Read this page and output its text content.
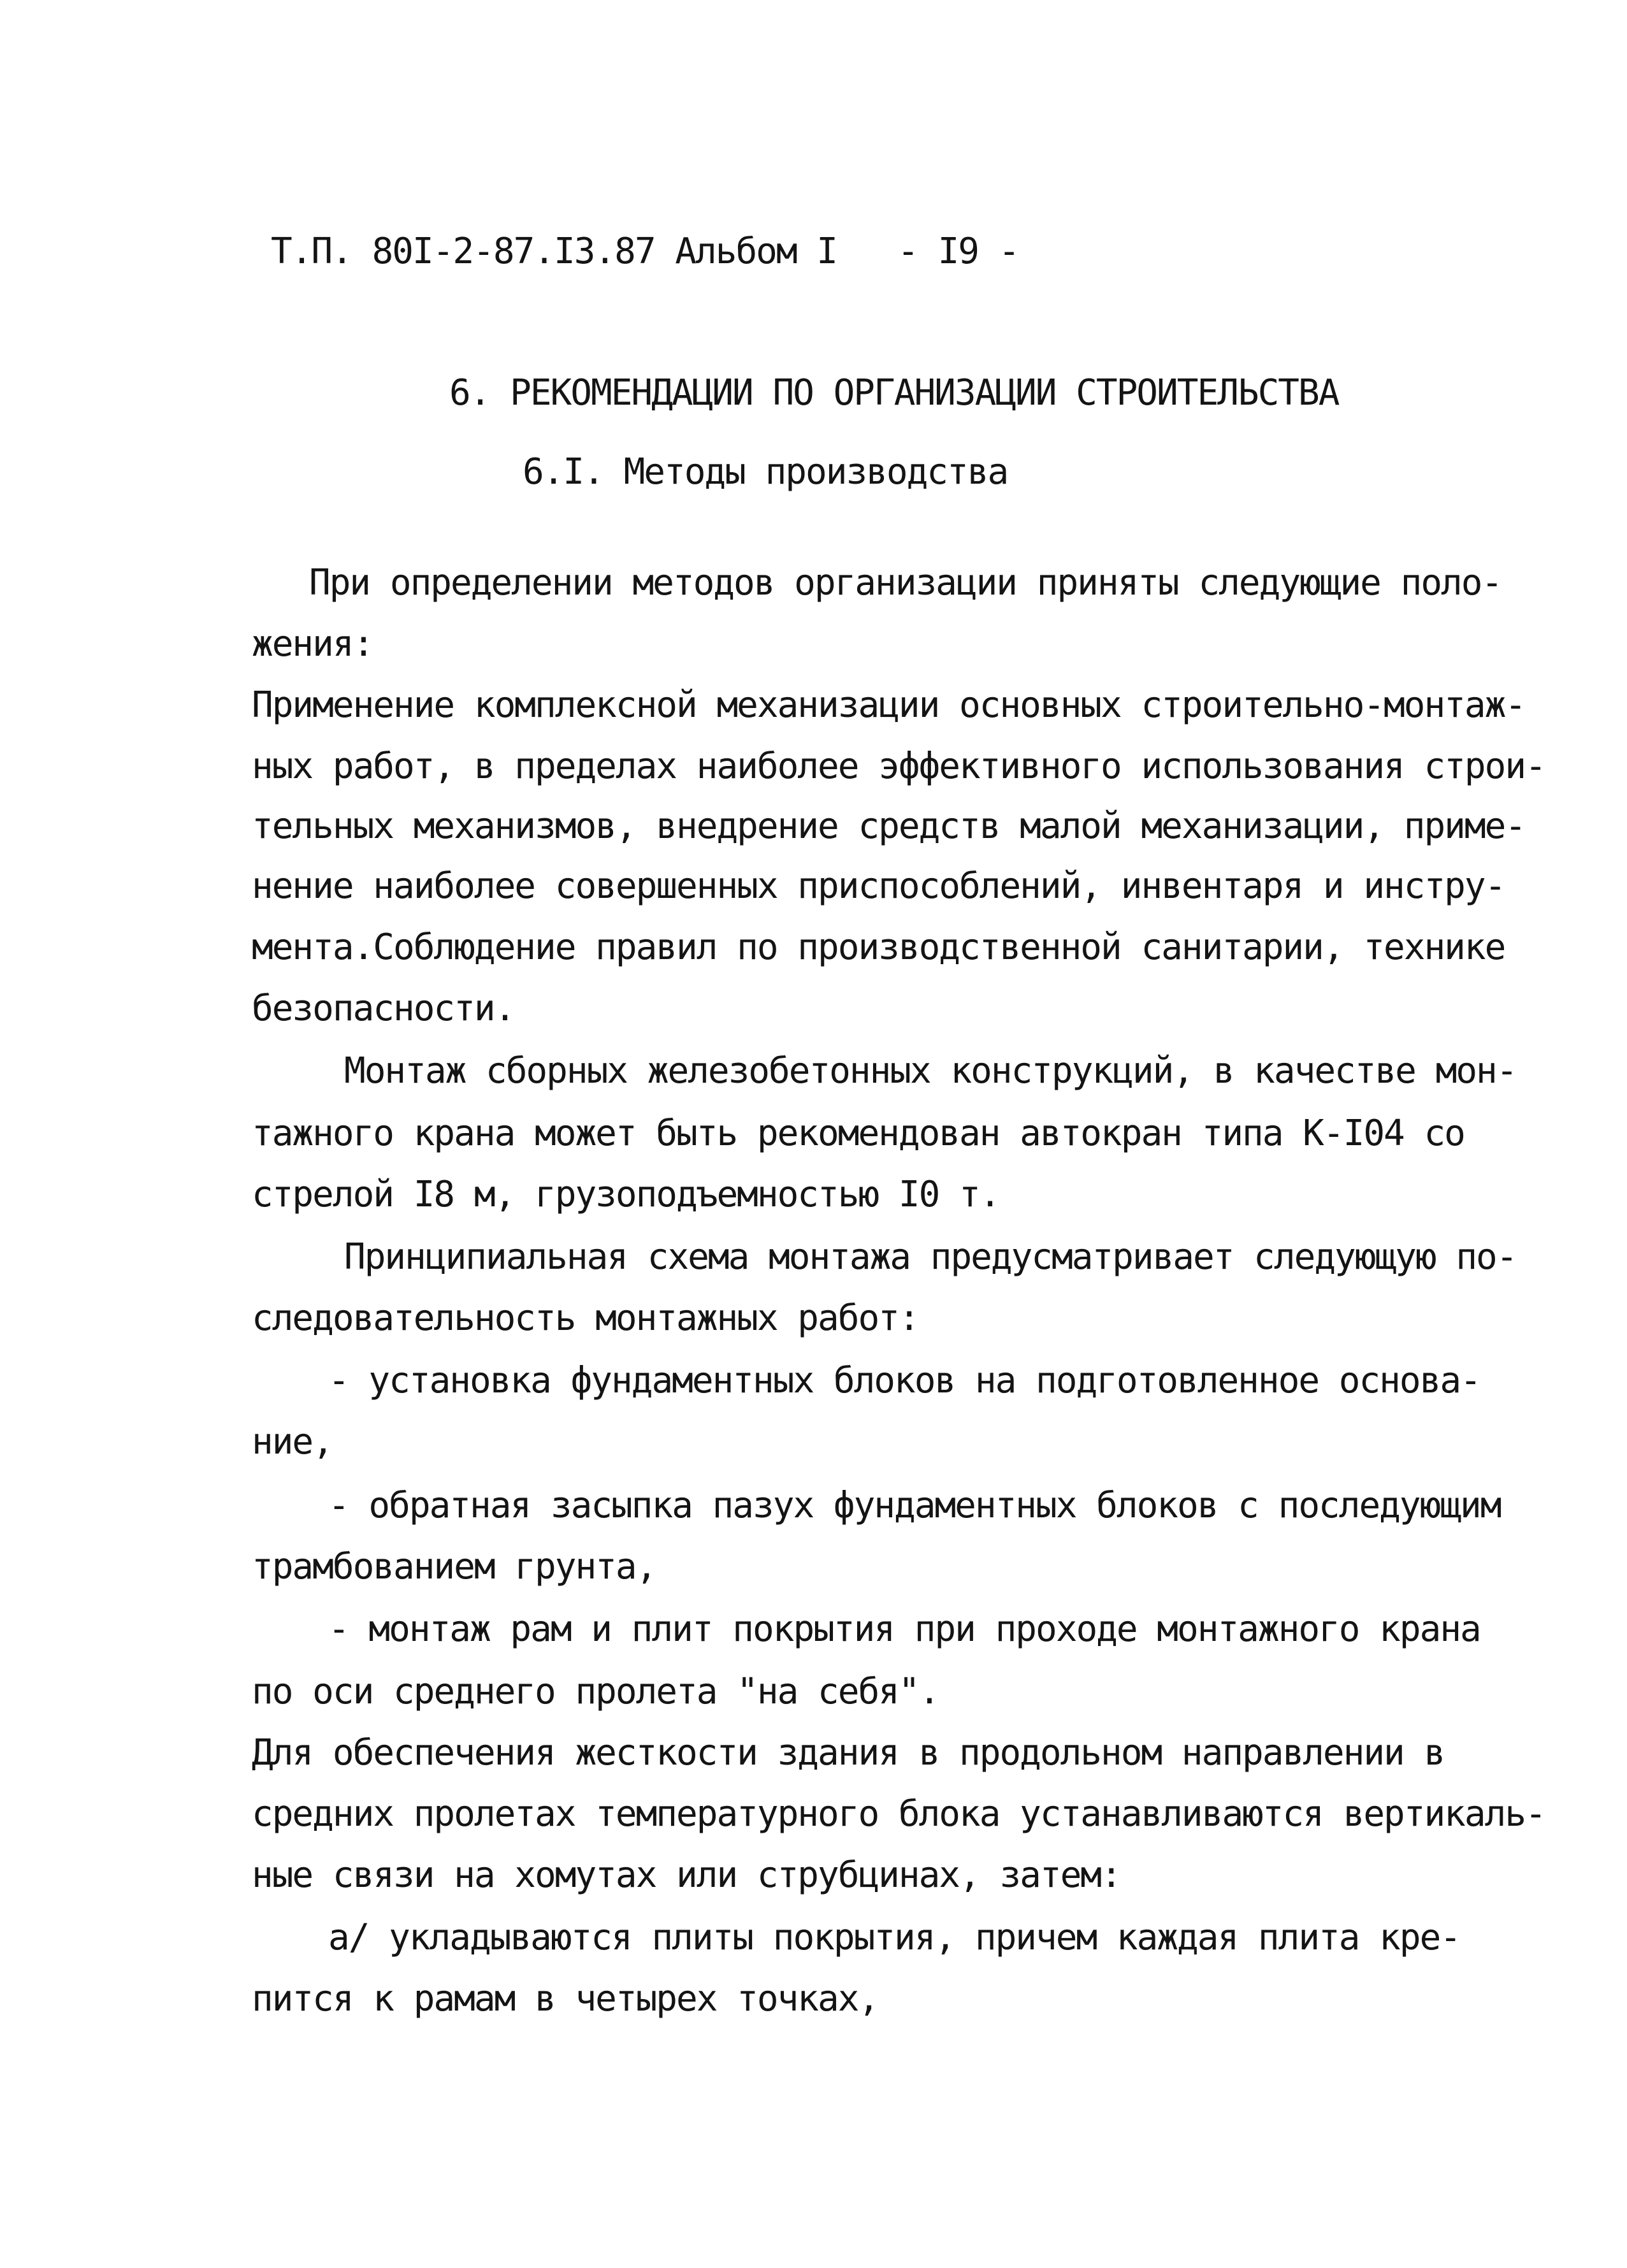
Т.П. 80I-2-87.I3.87 Альбом I   - I9 -
6. РЕКОМЕНДАЦИИ ПО ОРГАНИЗАЦИИ СТРОИТЕЛЬСТВА
6.I. Методы производства
При определении методов организации приняты следующие поло-
жения:
Применение комплексной механизации основных строительно-монтаж-
ных работ, в пределах наиболее эффективного использования строи-
тельных механизмов, внедрение средств малой механизации, приме-
нение наиболее совершенных приспособлений, инвентаря и инстру-
мента.Соблюдение правил по производственной санитарии, технике
безопасности.
Монтаж сборных железобетонных конструкций, в качестве мон-
тажного крана может быть рекомендован автокран типа К-I04 со
стрелой I8 м, грузоподъемностью I0 т.
Принципиальная схема монтажа предусматривает следующую по-
следовательность монтажных работ:
- установка фундаментных блоков на подготовленное основа-
ние,
- обратная засыпка пазух фундаментных блоков с последующим
трамбованием грунта,
- монтаж рам и плит покрытия при проходе монтажного крана
по оси среднего пролета "на себя".
Для обеспечения жесткости здания в продольном направлении в
средних пролетах температурного блока устанавливаются вертикаль-
ные связи на хомутах или струбцинах, затем:
а/ укладываются плиты покрытия, причем каждая плита кре-
пится к рамам в четырех точках,
